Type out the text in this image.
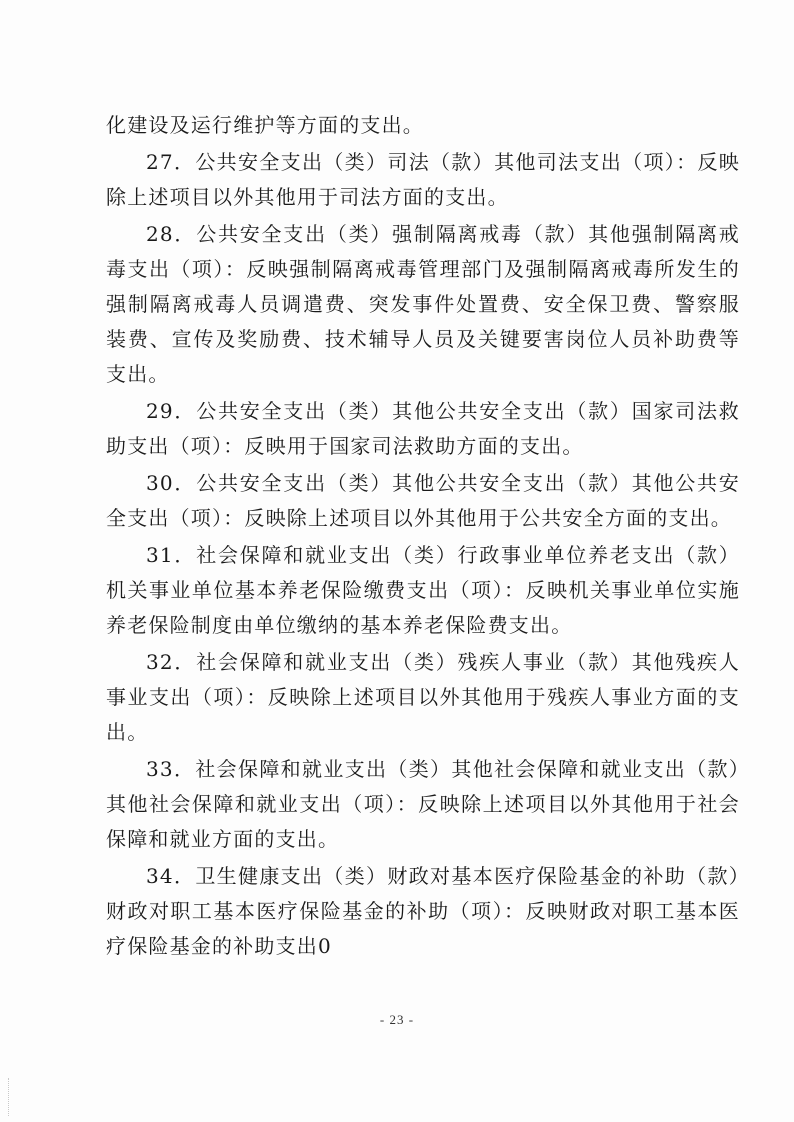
化建设及运行维护等方面的支出。

27．公共安全支出（类）司法（款）其他司法支出（项）：反映除上述项目以外其他用于司法方面的支出。

28．公共安全支出（类）强制隔离戒毒（款）其他强制隔离戒毒支出（项）：反映强制隔离戒毒管理部门及强制隔离戒毒所发生的强制隔离戒毒人员调遣费、突发事件处置费、安全保卫费、警察服装费、宣传及奖励费、技术辅导人员及关键要害岗位人员补助费等支出。

29．公共安全支出（类）其他公共安全支出（款）国家司法救助支出（项）：反映用于国家司法救助方面的支出。

30．公共安全支出（类）其他公共安全支出（款）其他公共安全支出（项）：反映除上述项目以外其他用于公共安全方面的支出。

31．社会保障和就业支出（类）行政事业单位养老支出（款）机关事业单位基本养老保险缴费支出（项）：反映机关事业单位实施养老保险制度由单位缴纳的基本养老保险费支出。

32．社会保障和就业支出（类）残疾人事业（款）其他残疾人事业支出（项）：反映除上述项目以外其他用于残疾人事业方面的支出。

33．社会保障和就业支出（类）其他社会保障和就业支出（款）其他社会保障和就业支出（项）：反映除上述项目以外其他用于社会保障和就业方面的支出。

34．卫生健康支出（类）财政对基本医疗保险基金的补助（款）财政对职工基本医疗保险基金的补助（项）：反映财政对职工基本医疗保险基金的补助支出0

- 23 -
